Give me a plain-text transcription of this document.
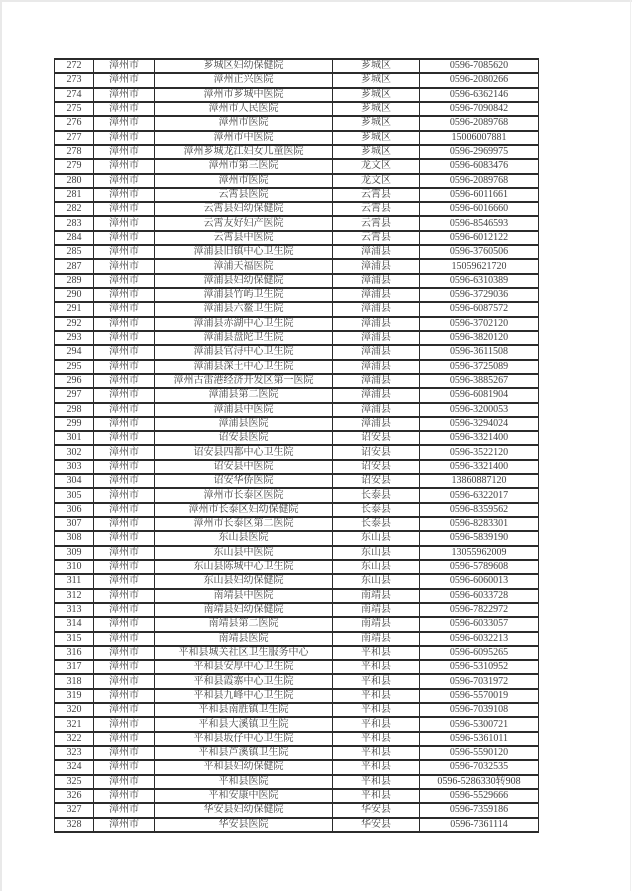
272	漳州市	芗城区妇幼保健院	芗城区	0596-7085620
273	漳州市	漳州正兴医院	芗城区	0596-2080266
274	漳州市	漳州市芗城中医院	芗城区	0596-6362146
275	漳州市	漳州市人民医院	芗城区	0596-7090842
276	漳州市	漳州市医院	芗城区	0596-2089768
277	漳州市	漳州市中医院	芗城区	15006007881
278	漳州市	漳州芗城龙江妇女儿童医院	芗城区	0596-2969975
279	漳州市	漳州市第三医院	龙文区	0596-6083476
280	漳州市	漳州市医院	龙文区	0596-2089768
281	漳州市	云霄县医院	云霄县	0596-6011661
282	漳州市	云霄县妇幼保健院	云霄县	0596-6016660
283	漳州市	云霄友好妇产医院	云霄县	0596-8546593
284	漳州市	云霄县中医院	云霄县	0596-6012122
285	漳州市	漳浦县旧镇中心卫生院	漳浦县	0596-3760506
287	漳州市	漳浦天福医院	漳浦县	15059621720
289	漳州市	漳浦县妇幼保健院	漳浦县	0596-6310389
290	漳州市	漳浦县竹屿卫生院	漳浦县	0596-3729036
291	漳州市	漳浦县六鳌卫生院	漳浦县	0596-6087572
292	漳州市	漳浦县赤湖中心卫生院	漳浦县	0596-3702120
293	漳州市	漳浦县盘陀卫生院	漳浦县	0596-3820120
294	漳州市	漳浦县官浔中心卫生院	漳浦县	0596-3611508
295	漳州市	漳浦县深土中心卫生院	漳浦县	0596-3725089
296	漳州市	漳州古雷港经济开发区第一医院	漳浦县	0596-3885267
297	漳州市	漳浦县第二医院	漳浦县	0596-6081904
298	漳州市	漳浦县中医院	漳浦县	0596-3200053
299	漳州市	漳浦县医院	漳浦县	0596-3294024
301	漳州市	诏安县医院	诏安县	0596-3321400
302	漳州市	诏安县四都中心卫生院	诏安县	0596-3522120
303	漳州市	诏安县中医院	诏安县	0596-3321400
304	漳州市	诏安华侨医院	诏安县	13860887120
305	漳州市	漳州市长泰区医院	长泰县	0596-6322017
306	漳州市	漳州市长泰区妇幼保健院	长泰县	0596-8359562
307	漳州市	漳州市长泰区第二医院	长泰县	0596-8283301
308	漳州市	东山县医院	东山县	0596-5839190
309	漳州市	东山县中医院	东山县	13055962009
310	漳州市	东山县陈城中心卫生院	东山县	0596-5789608
311	漳州市	东山县妇幼保健院	东山县	0596-6060013
312	漳州市	南靖县中医院	南靖县	0596-6033728
313	漳州市	南靖县妇幼保健院	南靖县	0596-7822972
314	漳州市	南靖县第二医院	南靖县	0596-6033057
315	漳州市	南靖县医院	南靖县	0596-6032213
316	漳州市	平和县城关社区卫生服务中心	平和县	0596-6095265
317	漳州市	平和县安厚中心卫生院	平和县	0596-5310952
318	漳州市	平和县霞寨中心卫生院	平和县	0596-7031972
319	漳州市	平和县九峰中心卫生院	平和县	0596-5570019
320	漳州市	平和县南胜镇卫生院	平和县	0596-7039108
321	漳州市	平和县大溪镇卫生院	平和县	0596-5300721
322	漳州市	平和县坂仔中心卫生院	平和县	0596-5361011
323	漳州市	平和县芦溪镇卫生院	平和县	0596-5590120
324	漳州市	平和县妇幼保健院	平和县	0596-7032535
325	漳州市	平和县医院	平和县	0596-5286330转908
326	漳州市	平和安康中医院	平和县	0596-5529666
327	漳州市	华安县妇幼保健院	华安县	0596-7359186
328	漳州市	华安县医院	华安县	0596-7361114
